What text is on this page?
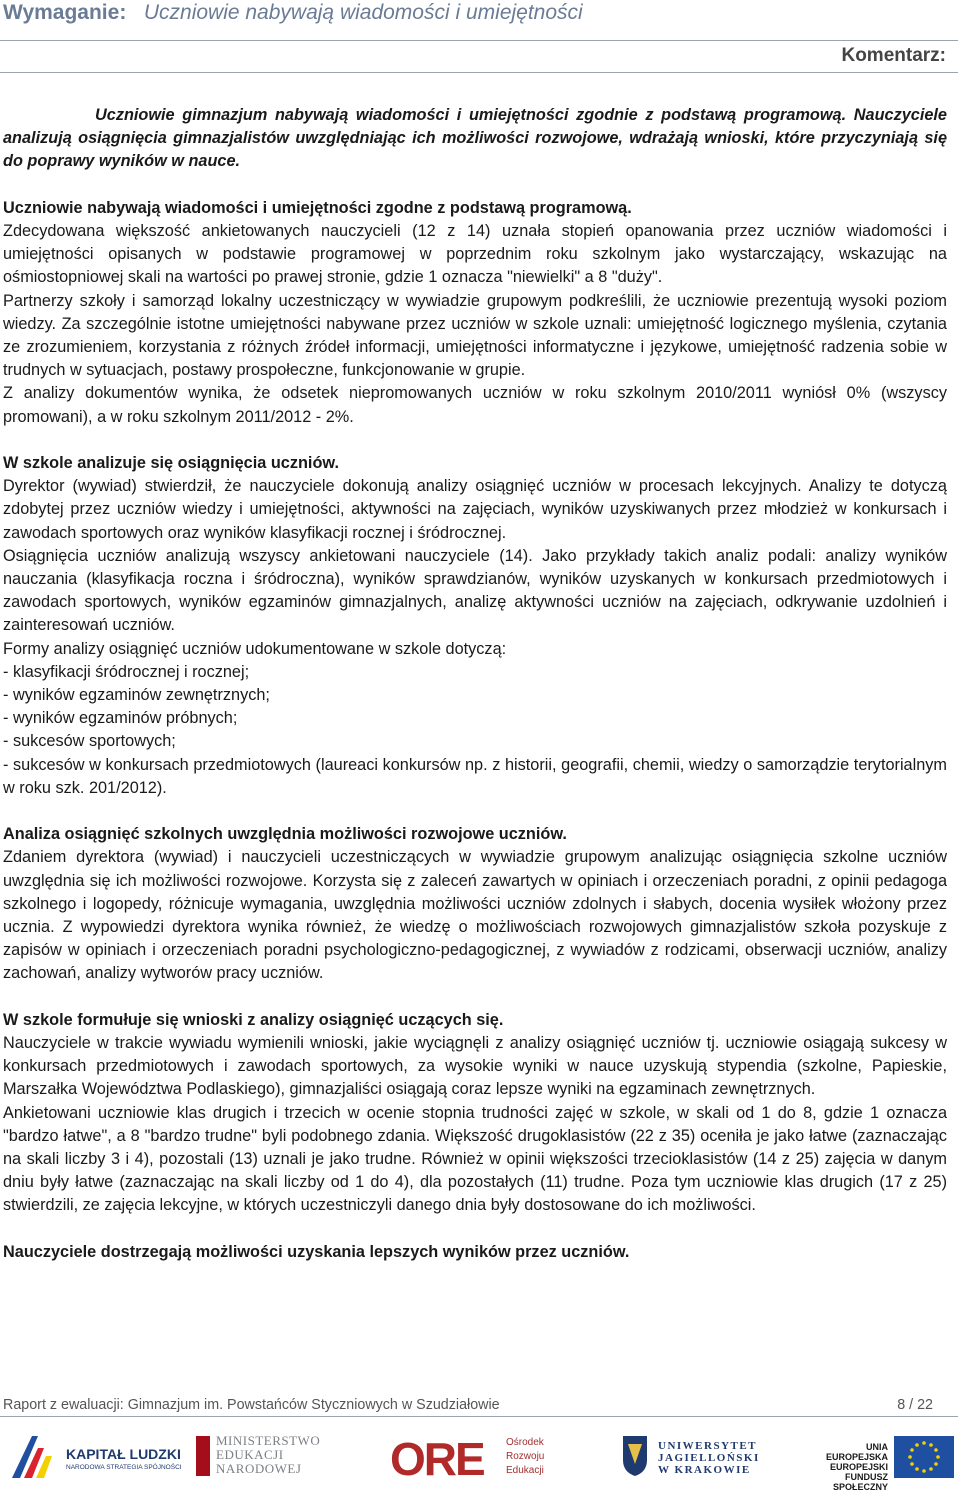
Wymaganie: Uczniowie nabywają wiadomości i umiejętności
Komentarz:

Uczniowie gimnazjum nabywają wiadomości i umiejętności zgodnie z podstawą programową. Nauczyciele analizują osiągnięcia gimnazjalistów uwzględniając ich możliwości rozwojowe, wdrażają wnioski, które przyczyniają się do poprawy wyników w nauce.

Uczniowie nabywają wiadomości i umiejętności zgodne z podstawą programową.

Zdecydowana większość ankietowanych nauczycieli (12 z 14) uznała stopień opanowania przez uczniów wiadomości i umiejętności opisanych w podstawie programowej w poprzednim roku szkolnym jako wystarczający, wskazując na ośmiostopniowej skali na wartości po prawej stronie, gdzie 1 oznacza "niewielki" a 8 "duży".

Partnerzy szkoły i samorząd lokalny uczestniczący w wywiadzie grupowym podkreślili, że uczniowie prezentują wysoki poziom wiedzy. Za szczególnie istotne umiejętności nabywane przez uczniów w szkole uznali: umiejętność logicznego myślenia, czytania ze zrozumieniem, korzystania z różnych źródeł informacji, umiejętności informatyczne i językowe, umiejętność radzenia sobie w trudnych w sytuacjach, postawy prospołeczne, funkcjonowanie w grupie.

Z analizy dokumentów wynika, że odsetek niepromowanych uczniów w roku szkolnym 2010/2011 wyniósł 0% (wszyscy promowani), a w roku szkolnym 2011/2012 - 2%.

W szkole analizuje się osiągnięcia uczniów.

Dyrektor (wywiad) stwierdził, że nauczyciele dokonują analizy osiągnięć uczniów w procesach lekcyjnych. Analizy te dotyczą zdobytej przez uczniów wiedzy i umiejętności, aktywności na zajęciach, wyników uzyskiwanych przez młodzież w konkursach i zawodach sportowych oraz wyników klasyfikacji rocznej i śródrocznej.

Osiągnięcia uczniów analizują wszyscy ankietowani nauczyciele (14). Jako przykłady takich analiz podali: analizy wyników nauczania (klasyfikacja roczna i śródroczna), wyników sprawdzianów, wyników uzyskanych w konkursach przedmiotowych i zawodach sportowych, wyników egzaminów gimnazjalnych, analizę aktywności uczniów na zajęciach, odkrywanie uzdolnień i zainteresowań uczniów.

Formy analizy osiągnięć uczniów udokumentowane w szkole dotyczą:

- klasyfikacji śródrocznej i rocznej;

- wyników egzaminów zewnętrznych;

- wyników egzaminów próbnych;

- sukcesów sportowych;

- sukcesów w konkursach przedmiotowych (laureaci konkursów np. z historii, geografii, chemii, wiedzy o samorządzie terytorialnym w roku szk. 201/2012).

Analiza osiągnięć szkolnych uwzględnia możliwości rozwojowe uczniów.

Zdaniem dyrektora (wywiad) i nauczycieli uczestniczących w wywiadzie grupowym analizując osiągnięcia szkolne uczniów uwzględnia się ich możliwości rozwojowe. Korzysta się z zaleceń zawartych w opiniach i orzeczeniach poradni, z opinii pedagoga szkolnego i logopedy, różnicuje wymagania, uwzględnia możliwości uczniów zdolnych i słabych, docenia wysiłek włożony przez ucznia. Z wypowiedzi dyrektora wynika również, że wiedzę o możliwościach rozwojowych gimnazjalistów szkoła pozyskuje z zapisów w opiniach i orzeczeniach poradni psychologiczno-pedagogicznej, z wywiadów z rodzicami, obserwacji uczniów, analizy zachowań, analizy wytworów pracy uczniów.

W szkole formułuje się wnioski z analizy osiągnięć uczących się.

Nauczyciele w trakcie wywiadu wymienili wnioski, jakie wyciągnęli z analizy osiągnięć uczniów tj. uczniowie osiągają sukcesy w konkursach przedmiotowych i zawodach sportowych, za wysokie wyniki w nauce uzyskują stypendia (szkolne, Papieskie, Marszałka Województwa Podlaskiego), gimnazjaliści osiągają coraz lepsze wyniki na egzaminach zewnętrznych.

Ankietowani uczniowie klas drugich i trzecich w ocenie stopnia trudności zajęć w szkole, w skali od 1 do 8, gdzie 1 oznacza "bardzo łatwe", a 8 "bardzo trudne" byli podobnego zdania. Większość drugoklasistów (22 z 35) oceniła je jako łatwe (zaznaczając na skali liczby 3 i 4), pozostali (13) uznali je jako trudne. Również w opinii większości trzecioklasistów (14 z 25) zajęcia w danym dniu były łatwe (zaznaczając na skali liczby od 1 do 4), dla pozostałych (11) trudne. Poza tym uczniowie klas drugich (17 z 25) stwierdzili, ze zajęcia lekcyjne, w których uczestniczyli danego dnia były dostosowane do ich możliwości.

Nauczyciele dostrzegają możliwości uzyskania lepszych wyników przez uczniów.

Raport z ewaluacji: Gimnazjum im. Powstańców Styczniowych w Szudziałowie	8 / 22
KAPITAŁ LUDZKI
NARODOWA STRATEGIA SPÓJNOŚCI
MINISTERSTWO
EDUKACJI
NARODOWEJ	ORE Ośrodek
Rozwoju
Edukacji
UNIWERSYTET
JAGIELLOŃSKI
W KRAKOWIE
UNIA EUROPEJSKA
EUROPEJSKI
FUNDUSZ SPOŁECZNY
